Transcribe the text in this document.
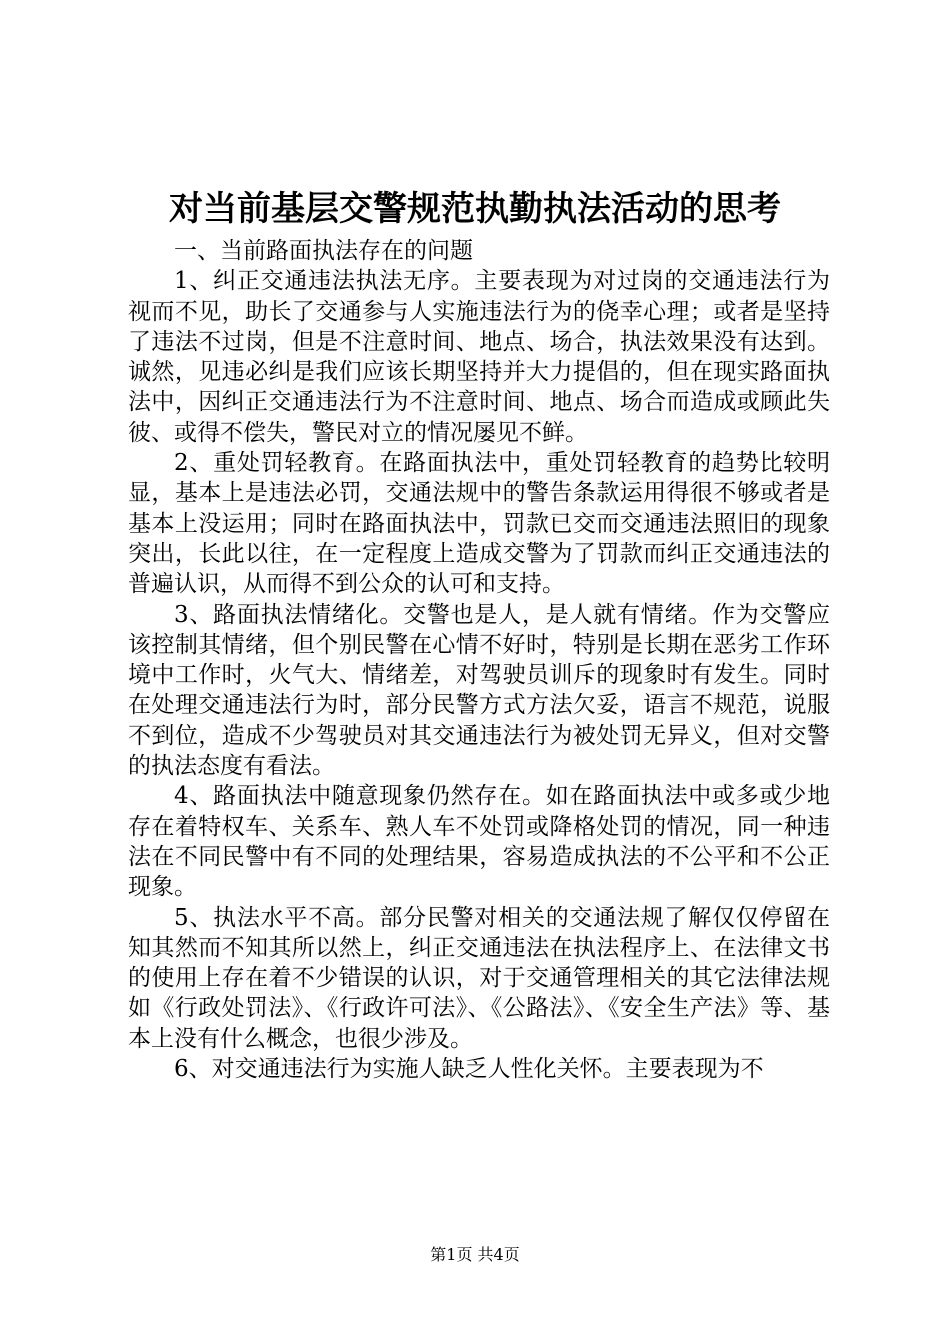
对当前基层交警规范执勤执法活动的思考

一、当前路面执法存在的问题

1、纠正交通违法执法无序。主要表现为对过岗的交通违法行为视而不见，助长了交通参与人实施违法行为的侥幸心理；或者是坚持了违法不过岗，但是不注意时间、地点、场合，执法效果没有达到。诚然，见违必纠是我们应该长期坚持并大力提倡的，但在现实路面执法中，因纠正交通违法行为不注意时间、地点、场合而造成或顾此失彼、或得不偿失，警民对立的情况屡见不鲜。

2、重处罚轻教育。在路面执法中，重处罚轻教育的趋势比较明显，基本上是违法必罚，交通法规中的警告条款运用得很不够或者是基本上没运用；同时在路面执法中，罚款已交而交通违法照旧的现象突出，长此以往，在一定程度上造成交警为了罚款而纠正交通违法的普遍认识，从而得不到公众的认可和支持。

3、路面执法情绪化。交警也是人，是人就有情绪。作为交警应该控制其情绪，但个别民警在心情不好时，特别是长期在恶劣工作环境中工作时，火气大、情绪差，对驾驶员训斥的现象时有发生。同时在处理交通违法行为时，部分民警方式方法欠妥，语言不规范，说服不到位，造成不少驾驶员对其交通违法行为被处罚无异义，但对交警的执法态度有看法。

4、路面执法中随意现象仍然存在。如在路面执法中或多或少地存在着特权车、关系车、熟人车不处罚或降格处罚的情况，同一种违法在不同民警中有不同的处理结果，容易造成执法的不公平和不公正现象。

5、执法水平不高。部分民警对相关的交通法规了解仅仅停留在知其然而不知其所以然上，纠正交通违法在执法程序上、在法律文书的使用上存在着不少错误的认识，对于交通管理相关的其它法律法规如《行政处罚法》、《行政许可法》、《公路法》、《安全生产法》等、基本上没有什么概念，也很少涉及。

6、对交通违法行为实施人缺乏人性化关怀。主要表现为不

第1页 共4页
